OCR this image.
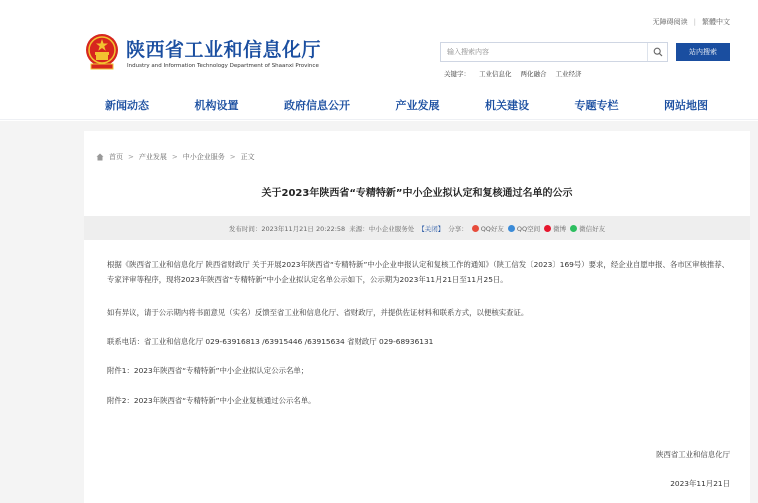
无障碍阅读 | 繁體中文
陕西省工业和信息化厅
Industry and Information Technology Department of Shaanxi Province
输入搜索内容
站内搜索
关键字： 工业信息化 两化融合 工业经济
新闻动态	机构设置	政府信息公开	产业发展	机关建设	专题专栏	网站地图
首页 > 产业发展 > 中小企业服务 > 正文
关于2023年陕西省“专精特新”中小企业拟认定和复核通过名单的公示
发布时间：2023年11月21日 20:22:58 来源：中小企业服务处 【关闭】 分享： QQ好友 QQ空间 微博 微信好友

根据《陕西省工业和信息化厅 陕西省财政厅 关于开展2023年陕西省“专精特新”中小企业申报认定和复核工作的通知》（陕工信发〔2023〕169号）要求，经企业自愿申报、各市区审核推荐、专家评审等程序，现将2023年陕西省“专精特新”中小企业拟认定名单公示如下，公示期为2023年11月21日至11月25日。

如有异议，请于公示期内将书面意见（实名）反馈至省工业和信息化厅、省财政厅，并提供佐证材料和联系方式，以便核实查证。

联系电话：省工业和信息化厅 029-63916813 /63915446 /63915634 省财政厅 029-68936131

附件1：2023年陕西省“专精特新”中小企业拟认定公示名单；

附件2：2023年陕西省“专精特新”中小企业复核通过公示名单。

陕西省工业和信息化厅
2023年11月21日
